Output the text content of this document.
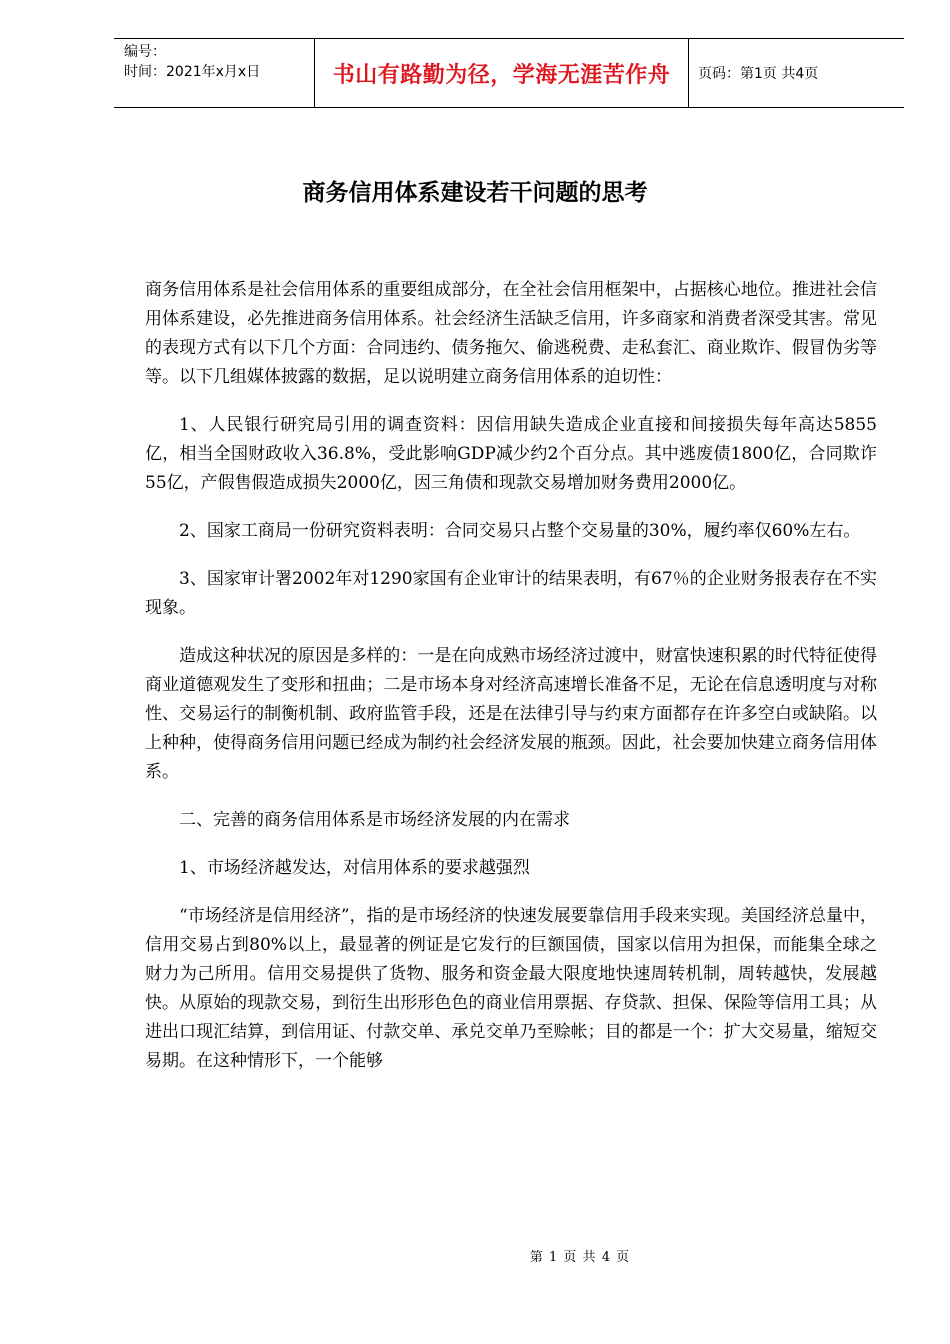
编号：
时间：2021年x月x日	书山有路勤为径，学海无涯苦作舟	页码：第1页 共4页
商务信用体系建设若干问题的思考

商务信用体系是社会信用体系的重要组成部分，在全社会信用框架中，占据核心地位。推进社会信用体系建设，必先推进商务信用体系。社会经济生活缺乏信用，许多商家和消费者深受其害。常见的表现方式有以下几个方面：合同违约、债务拖欠、偷逃税费、走私套汇、商业欺诈、假冒伪劣等等。以下几组媒体披露的数据，足以说明建立商务信用体系的迫切性：

1、人民银行研究局引用的调查资料：因信用缺失造成企业直接和间接损失每年高达5855亿，相当全国财政收入36.8%，受此影响GDP减少约2个百分点。其中逃废债1800亿，合同欺诈55亿，产假售假造成损失2000亿，因三角债和现款交易增加财务费用2000亿。

2、国家工商局一份研究资料表明：合同交易只占整个交易量的30%，履约率仅60%左右。

3、国家审计署2002年对1290家国有企业审计的结果表明，有67％的企业财务报表存在不实现象。

造成这种状况的原因是多样的：一是在向成熟市场经济过渡中，财富快速积累的时代特征使得商业道德观发生了变形和扭曲；二是市场本身对经济高速增长准备不足，无论在信息透明度与对称性、交易运行的制衡机制、政府监管手段，还是在法律引导与约束方面都存在许多空白或缺陷。以上种种，使得商务信用问题已经成为制约社会经济发展的瓶颈。因此，社会要加快建立商务信用体系。

二、完善的商务信用体系是市场经济发展的内在需求

1、市场经济越发达，对信用体系的要求越强烈

“市场经济是信用经济”，指的是市场经济的快速发展要靠信用手段来实现。美国经济总量中，信用交易占到80%以上，最显著的例证是它发行的巨额国债，国家以信用为担保，而能集全球之财力为己所用。信用交易提供了货物、服务和资金最大限度地快速周转机制，周转越快，发展越快。从原始的现款交易，到衍生出形形色色的商业信用票据、存贷款、担保、保险等信用工具；从进出口现汇结算，到信用证、付款交单、承兑交单乃至赊帐；目的都是一个：扩大交易量，缩短交易期。在这种情形下，一个能够

第 1 页 共 4 页
